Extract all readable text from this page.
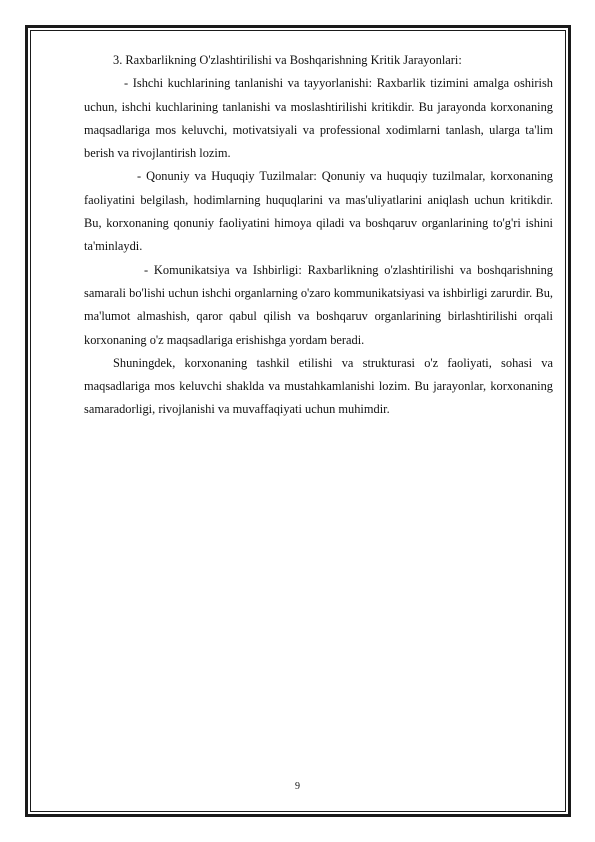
3. Raxbarlikning O'zlashtirilishi va Boshqarishning Kritik Jarayonlari:

- Ishchi kuchlarining tanlanishi va tayyorlanishi: Raxbarlik tizimini amalga oshirish uchun, ishchi kuchlarining tanlanishi va moslashtirilishi kritikdir. Bu jarayonda korxonaning maqsadlariga mos keluvchi, motivatsiyali va professional xodimlarni tanlash, ularga ta'lim berish va rivojlantirish lozim.

- Qonuniy va Huquqiy Tuzilmalar: Qonuniy va huquqiy tuzilmalar, korxonaning faoliyatini belgilash, hodimlarning huquqlarini va mas'uliyatlarini aniqlash uchun kritikdir. Bu, korxonaning qonuniy faoliyatini himoya qiladi va boshqaruv organlarining to'g'ri ishini ta'minlaydi.

- Komunikatsiya va Ishbirligi: Raxbarlikning o'zlashtirilishi va boshqarishning samarali bo'lishi uchun ishchi organlarning o'zaro kommunikatsiyasi va ishbirligi zarurdir. Bu, ma'lumot almashish, qaror qabul qilish va boshqaruv organlarining birlashtirilishi orqali korxonaning o'z maqsadlariga erishishga yordam beradi.

Shuningdek, korxonaning tashkil etilishi va strukturasi o'z faoliyati, sohasi va maqsadlariga mos keluvchi shaklda va mustahkamlanishi lozim. Bu jarayonlar, korxonaning samaradorligi, rivojlanishi va muvaffaqiyati uchun muhimdir.

9
